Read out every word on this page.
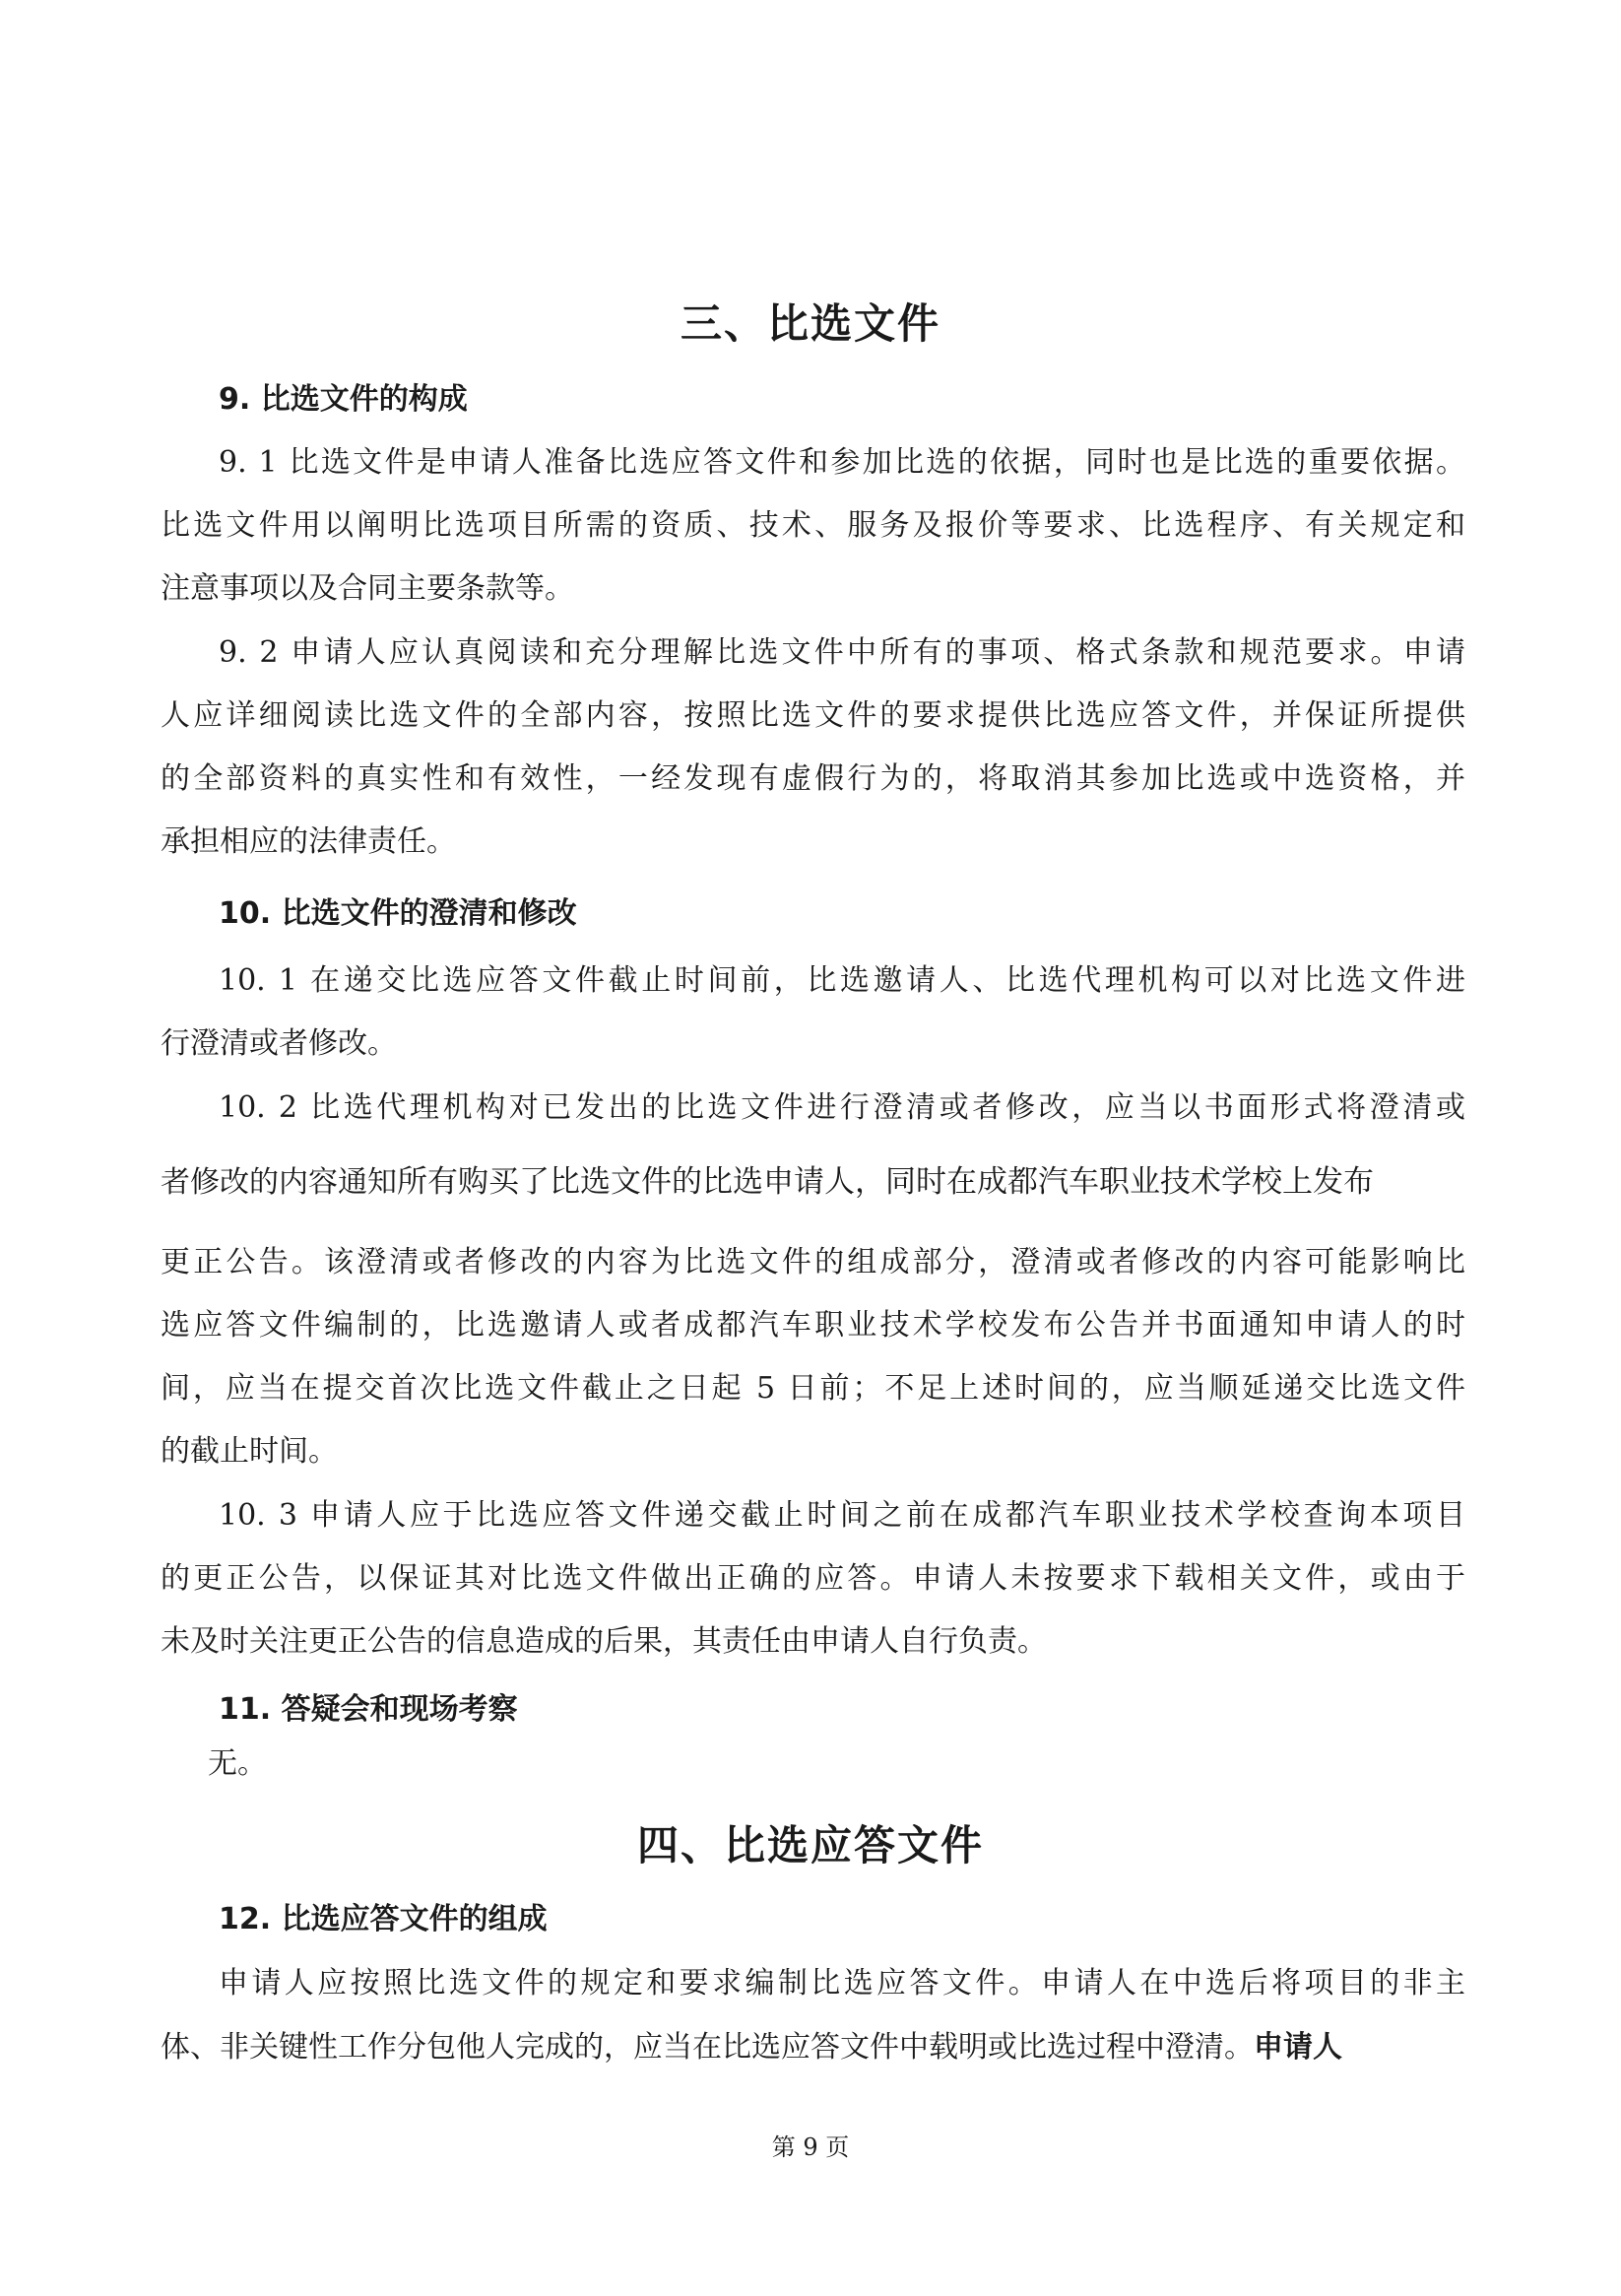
三、比选文件
9. 比选文件的构成
9. 1 比选文件是申请人准备比选应答文件和参加比选的依据，同时也是比选的重要依据。
比选文件用以阐明比选项目所需的资质、技术、服务及报价等要求、比选程序、有关规定和
注意事项以及合同主要条款等。
9. 2 申请人应认真阅读和充分理解比选文件中所有的事项、格式条款和规范要求。申请
人应详细阅读比选文件的全部内容，按照比选文件的要求提供比选应答文件，并保证所提供
的全部资料的真实性和有效性，一经发现有虚假行为的，将取消其参加比选或中选资格，并
承担相应的法律责任。
10. 比选文件的澄清和修改
10. 1 在递交比选应答文件截止时间前，比选邀请人、比选代理机构可以对比选文件进
行澄清或者修改。
10. 2 比选代理机构对已发出的比选文件进行澄清或者修改，应当以书面形式将澄清或
者修改的内容通知所有购买了比选文件的比选申请人，同时在成都汽车职业技术学校上发布
更正公告。该澄清或者修改的内容为比选文件的组成部分，澄清或者修改的内容可能影响比
选应答文件编制的，比选邀请人或者成都汽车职业技术学校发布公告并书面通知申请人的时
间，应当在提交首次比选文件截止之日起 5 日前；不足上述时间的，应当顺延递交比选文件
的截止时间。
10. 3 申请人应于比选应答文件递交截止时间之前在成都汽车职业技术学校查询本项目
的更正公告，以保证其对比选文件做出正确的应答。申请人未按要求下载相关文件，或由于
未及时关注更正公告的信息造成的后果，其责任由申请人自行负责。
11. 答疑会和现场考察
无。
四、比选应答文件
12. 比选应答文件的组成
申请人应按照比选文件的规定和要求编制比选应答文件。申请人在中选后将项目的非主
体、非关键性工作分包他人完成的，应当在比选应答文件中载明或比选过程中澄清。申请人
第 9 页
